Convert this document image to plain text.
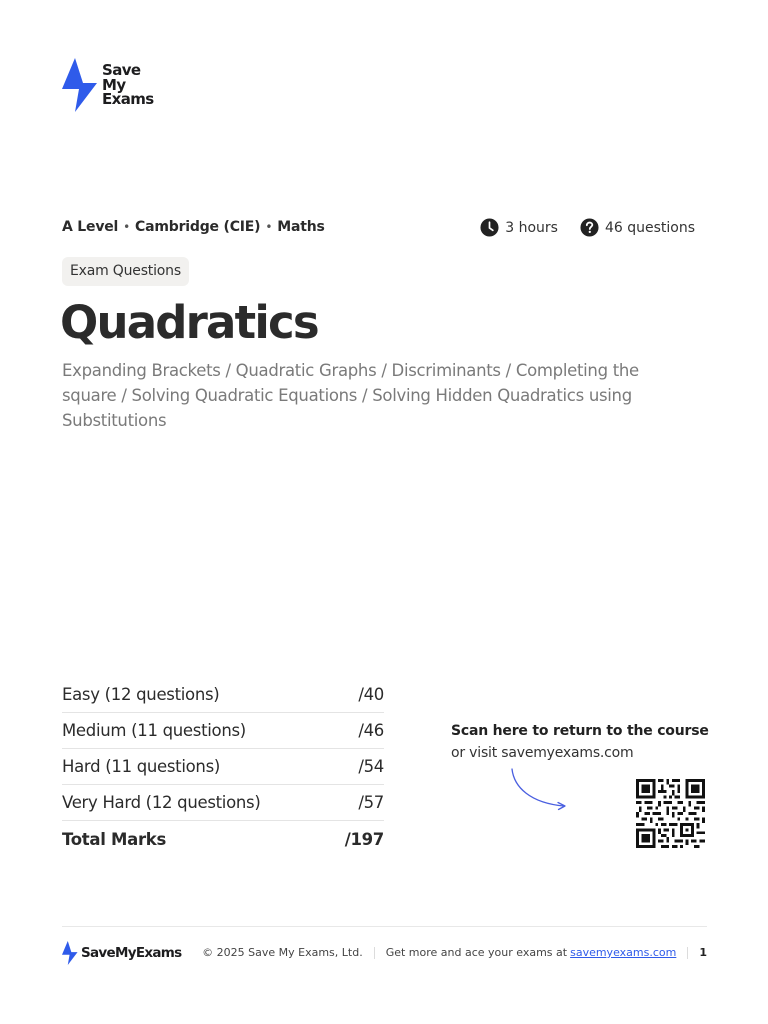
Save
My
Exams
A Level • Cambridge (CIE) • Maths	3 hours	46 questions
Exam Questions
Quadratics

Expanding Brackets / Quadratic Graphs / Discriminants / Completing the square / Solving Quadratic Equations / Solving Hidden Quadratics using Substitutions

Easy (12 questions)	/40
Medium (11 questions)	/46
Hard (11 questions)	/54
Very Hard (12 questions)	/57
Total Marks	/197
Scan here to return to the course
or visit savemyexams.com
SaveMyExams © 2025 Save My Exams, Ltd. Get more and ace your exams at savemyexams.com 1
